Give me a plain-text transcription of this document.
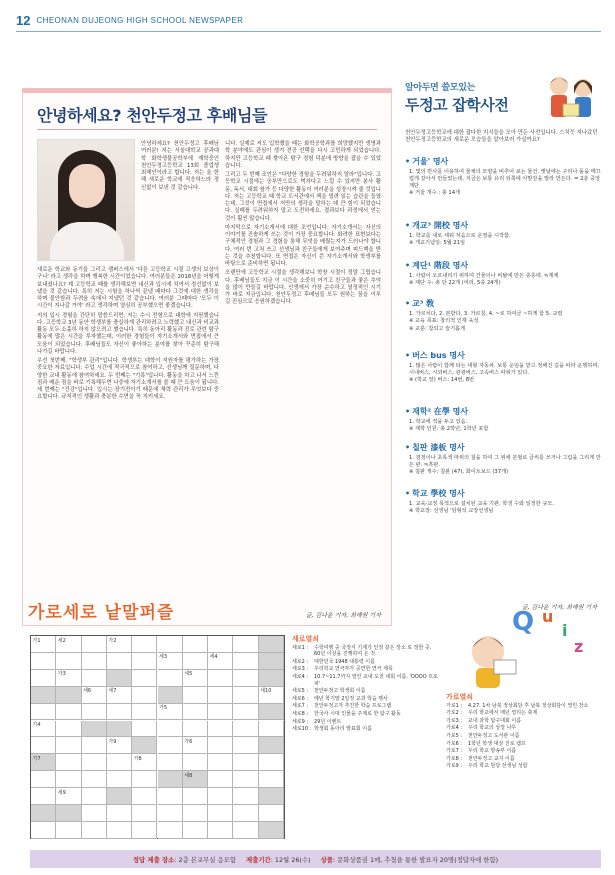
12 CHEONAN DUJEONG HIGH SCHOOL NEWSPAPER
안녕하세요? 천안두정고 후배님들

안녕하세요? 천안두정고 후배님 여러분! 저는 서울대학교 공과대학 화학생물공학부에 재학중인 천안두정고등학교 13회 졸업생 최혜인이라고 합니다. 저는 올 한해 새로운 학교에 적응하느라 정신없이 보낸 것 같습니다.

새로운 학교와 동기들 그리고 캠퍼스에서 '다른 고등학교 시절 고생의 보상이구나' 라고 생각을 하며 행복한 시간이었습니다. 여러분들은 2018년을 어떻게 보내셨나요? 제 고등학교 때를 생각해보면 내신과 입시에 치여서 정신없이 보냈을 것 같습니다. 특히 저는 시험을 하나씩 끝낼 때마다 그것에 대한 생각을 하며 불안함과 두려움 속에서 지냈던 것 같습니다. 여러분 그때마다 '모두 이 시간이 지나갈 거야' 라고 생각하며 열심히 공부했으면 좋겠습니다.

저의 입시 경험을 간단히 말씀드리면, 저는 수시 전형으로 대학에 지원했습니다. 고등학교 3년 동안 학생부를 충실하게 관리하려고 노력했고 내신과 비교과 활동 모두 소홀히 하지 않으려고 했습니다. 특히 동아리 활동과 진로 관련 탐구 활동에 많은 시간을 투자했는데, 이러한 경험들이 자기소개서와 면접에서 큰 도움이 되었습니다. 후배님들도 자신이 좋아하는 분야를 찾아 꾸준히 탐구해 나가길 바랍니다.

우선 첫번째, "학생부 관리"입니다. 학생부는 대학이 지원자를 평가하는 가장 중요한 자료입니다. 수업 시간에 적극적으로 참여하고, 선생님께 질문하며, 다양한 교내 활동에 참여하세요. 두 번째는 "기록"입니다. 활동을 하고 나서 느낀 점과 배운 점을 바로 기록해두면 나중에 자기소개서를 쓸 때 큰 도움이 됩니다. 세 번째는 "건강"입니다. 입시는 장기전이기 때문에 체력 관리가 무엇보다 중요합니다. 규칙적인 생활과 충분한 수면을 꼭 지키세요.

니다. 실제로 저도 입학했을 때는 화학공학과를 희망했지만 생명과학 분야에도 관심이 생겨 전공 선택을 다시 고민하게 되었습니다. 하지만 고등학교 때 쌓아온 탐구 경험 덕분에 방향을 잡을 수 있었습니다.

그리고 두 번째 조언은 "다양한 경험을 두려워하지 말라"입니다. 고등학교 시절에는 공부만으로도 벅차다고 느낄 수 있지만 봉사 활동, 독서, 대회 참가 등 다양한 활동이 여러분을 성장시켜 줄 것입니다. 저는 고등학교 때 학교 도서관에서 책을 빌려 읽는 습관을 들였는데, 그것이 면접에서 저만의 생각을 말하는 데 큰 힘이 되었습니다. 실패를 두려워하지 말고 도전하세요. 결과보다 과정에서 얻는 것이 훨씬 많습니다.

마지막으로 자기소개서에 대한 조언입니다. 자기소개서는 자신의 이야기를 진솔하게 쓰는 것이 가장 중요합니다. 화려한 표현보다는 구체적인 경험과 그 경험을 통해 무엇을 배웠는지가 드러나야 합니다. 여러 번 고쳐 쓰고 선생님과 친구들에게 보여주며 피드백을 받는 것을 추천합니다. 또 면접은 자신이 쓴 자기소개서와 학생부를 바탕으로 준비하면 됩니다.

오랜만에 고등학교 시절을 생각해보니 학창 시절이 정말 그립습니다. 후배님들도 지금 이 시간을 소중히 여기고 친구들과 좋은 추억을 많이 만들길 바랍니다. 인생에서 가장 순수하고 열정적인 시기가 바로 지금입니다. 천안두정고 후배님들 모두 원하는 꿈을 이루길 진심으로 응원하겠습니다.

글, 김나윤 기자, 최예원 기자
알아두면 쓸모있는
두정고 잡학사전
천안두정고등학교에 대한 잡다한 지식들을 모아 만든 사전입니다. 스치듯 지나갔던 천안두정고등학교의 새로운 모습들을 알아보러 가실까요?
• 거울' 명사
1. 빛의 반사를 이용하여 물체의 모양을 비추어 보는 물건. 옛날에는 구리나 돌을 매끄럽게 갈아서 만들었는데, 지금은 보통 유리 뒤쪽에 아말감을 발라 만든다. = 2층 중앙 계단
※ 거울 개수 : 총 14개
• 개교³ 開校 명사
1. 학교를 새로 세워 처음으로 운영을 시작함.
※ 개교기념일: 5월 21일
• 계단¹ 階段 명사
1. 사람이 오르내리기 위하여 건물이나 비탈에 만든 층층대. ≒계제
※ 계단 수: 총 단 22개 (여러, 5층 24개)
• 교³ 敎
1. 가르치다, 2. 본받다, 3. 가르침, 4. ~로 하여금 ~하게 함 5. 교령
※ 교육 목표: 창의적 인재 육성
※ 교훈: 참되고 슬기롭게
• 버스 bus 명사
1. 많은 사람이 함께 타는 대형 자동차. 보통 운임을 받고 정해진 길을 따라 운행하며, 시내버스, 시외버스, 관광버스, 고속버스 따위가 있다.
※ (학교 앞) 버스: 14번, 8번
• 재학² 在學 명사
1. 학교에 적을 두고 있음.
※ 재학 인원: 총 2학년, 1학년 포함
• 칠판 漆板 명사
1. 검정이나 초록색 따위의 칠을 하여 그 위에 분필로 글씨를 쓰거나 그림을 그리게 만든 판. ≒흑판.
※ 칠판 개수: 칠판 (47), 화이트보드 (37개)
• 학교 學校 명사
1. 교육·교정 목적으로 설치된 교육 기관. 학생 수와 일정한 규모.
※ 학교장: 선생님 '임형석 교장선생님
글, 김나윤 기자, 최예원 기자
가로세로 낱말퍼즐
가1	세2	가2
세3	세4
가3	세5
세6	세7
가5
가4
가6
가7	가8
세8
세9
세10
가9
Q u
i
z
세로열쇠
세로1 :	수학여행 중 국정식 기계가 인정 같은 장소 로 정한 곳, 60년 이상을 진행하여 온 것.
세로2 :	대한민국 1948 대통령 이름
세로3 :	우리학교 연극부가 공연한 연극 제목
세로4 :	10.7~11.7까지 열린 교내 도전 대회 이름. 'OOOO 트로피'
세로5 :	천안두정고 학생회 이름
세로6 :	매년 학기말 2일정 교과 학습 행사
세로7 :	천안두정고가 추진한 학습 프로그램
세로8 :	한국사 시대 인물을 주제로 한 탐구 활동
세로9 :	29년 이벤트
세로10 : 학생회 동아리 발표회 이름
가로열쇠
가로1 :	4.27. 1차 남북 정상회담 후 남북 정상회담이 열린 장소
가로2 :	우리 학교에서 매년 열리는 축제
가로3 :	교내 과학 탐구대회 이름
가로4 :	우리 학교의 상징 나무
가로5 :	천안두정고 도서관 이름
가로6 :	1학년 학생 대상 진로 캠프
가로7 :	우리 학교 방송부 이름
가로8 :	천안두정고 교지 이름
가로9 :	우리 학교 담당 선생님 성함
정답 제출 장소: 2층 본교무실 응모함 제출기간: 12월 26(수) 상품: 문화상품권 1매, 추첨을 통한 발표자 20명(정답자에 한함)
